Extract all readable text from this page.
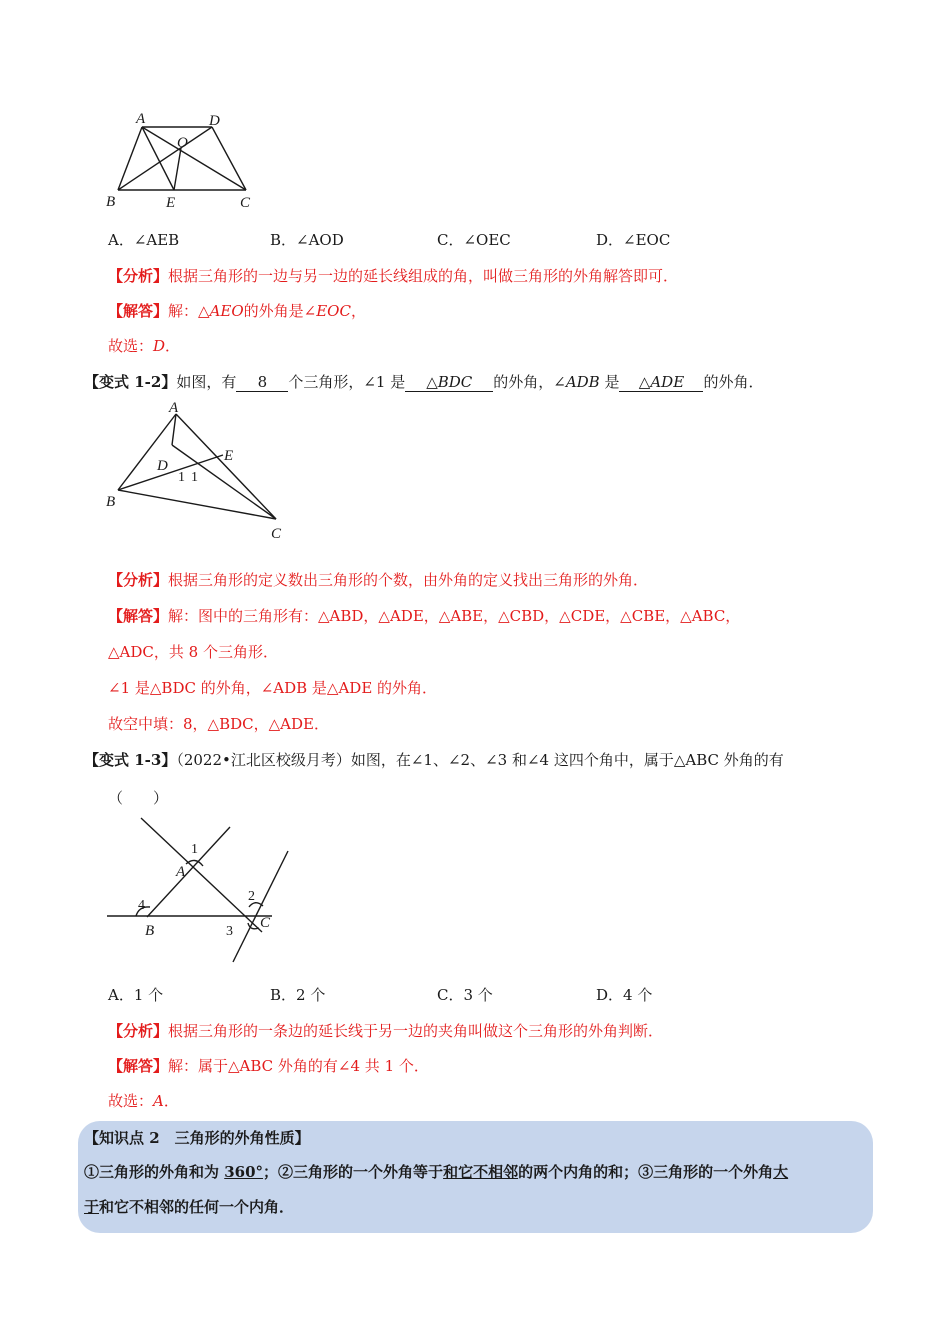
A	D
O
B	E	C
A．∠AEB	B．∠AOD	C．∠OEC	D．∠EOC
【分析】根据三角形的一边与另一边的延长线组成的角，叫做三角形的外角解答即可．
【解答】解：△AEO的外角是∠EOC，
故选：D．
【变式 1-2】如图，有 8 个三角形，∠1 是 △BDC 的外角，∠ADB 是 △ADE 的外角．
A
D
E
1 1
B
C
【分析】根据三角形的定义数出三角形的个数，由外角的定义找出三角形的外角．
【解答】解：图中的三角形有：△ABD，△ADE，△ABE，△CBD，△CDE，△CBE，△ABC，
△ADC，共 8 个三角形．
∠1 是△BDC 的外角，∠ADB 是△ADE 的外角．
故空中填：8，△BDC，△ADE．
【变式 1-3】（2022•江北区校级月考）如图，在∠1、∠2、∠3 和∠4 这四个角中，属于△ABC 外角的有
（　　）
1
A
2
4
B	3
C
A．1 个	B．2 个	C．3 个	D．4 个
【分析】根据三角形的一条边的延长线于另一边的夹角叫做这个三角形的外角判断．
【解答】解：属于△ABC 外角的有∠4 共 1 个．
故选：A．
【知识点 2　三角形的外角性质】
①三角形的外角和为 360°；②三角形的一个外角等于和它不相邻的两个内角的和；③三角形的一个外角大
于和它不相邻的任何一个内角．
